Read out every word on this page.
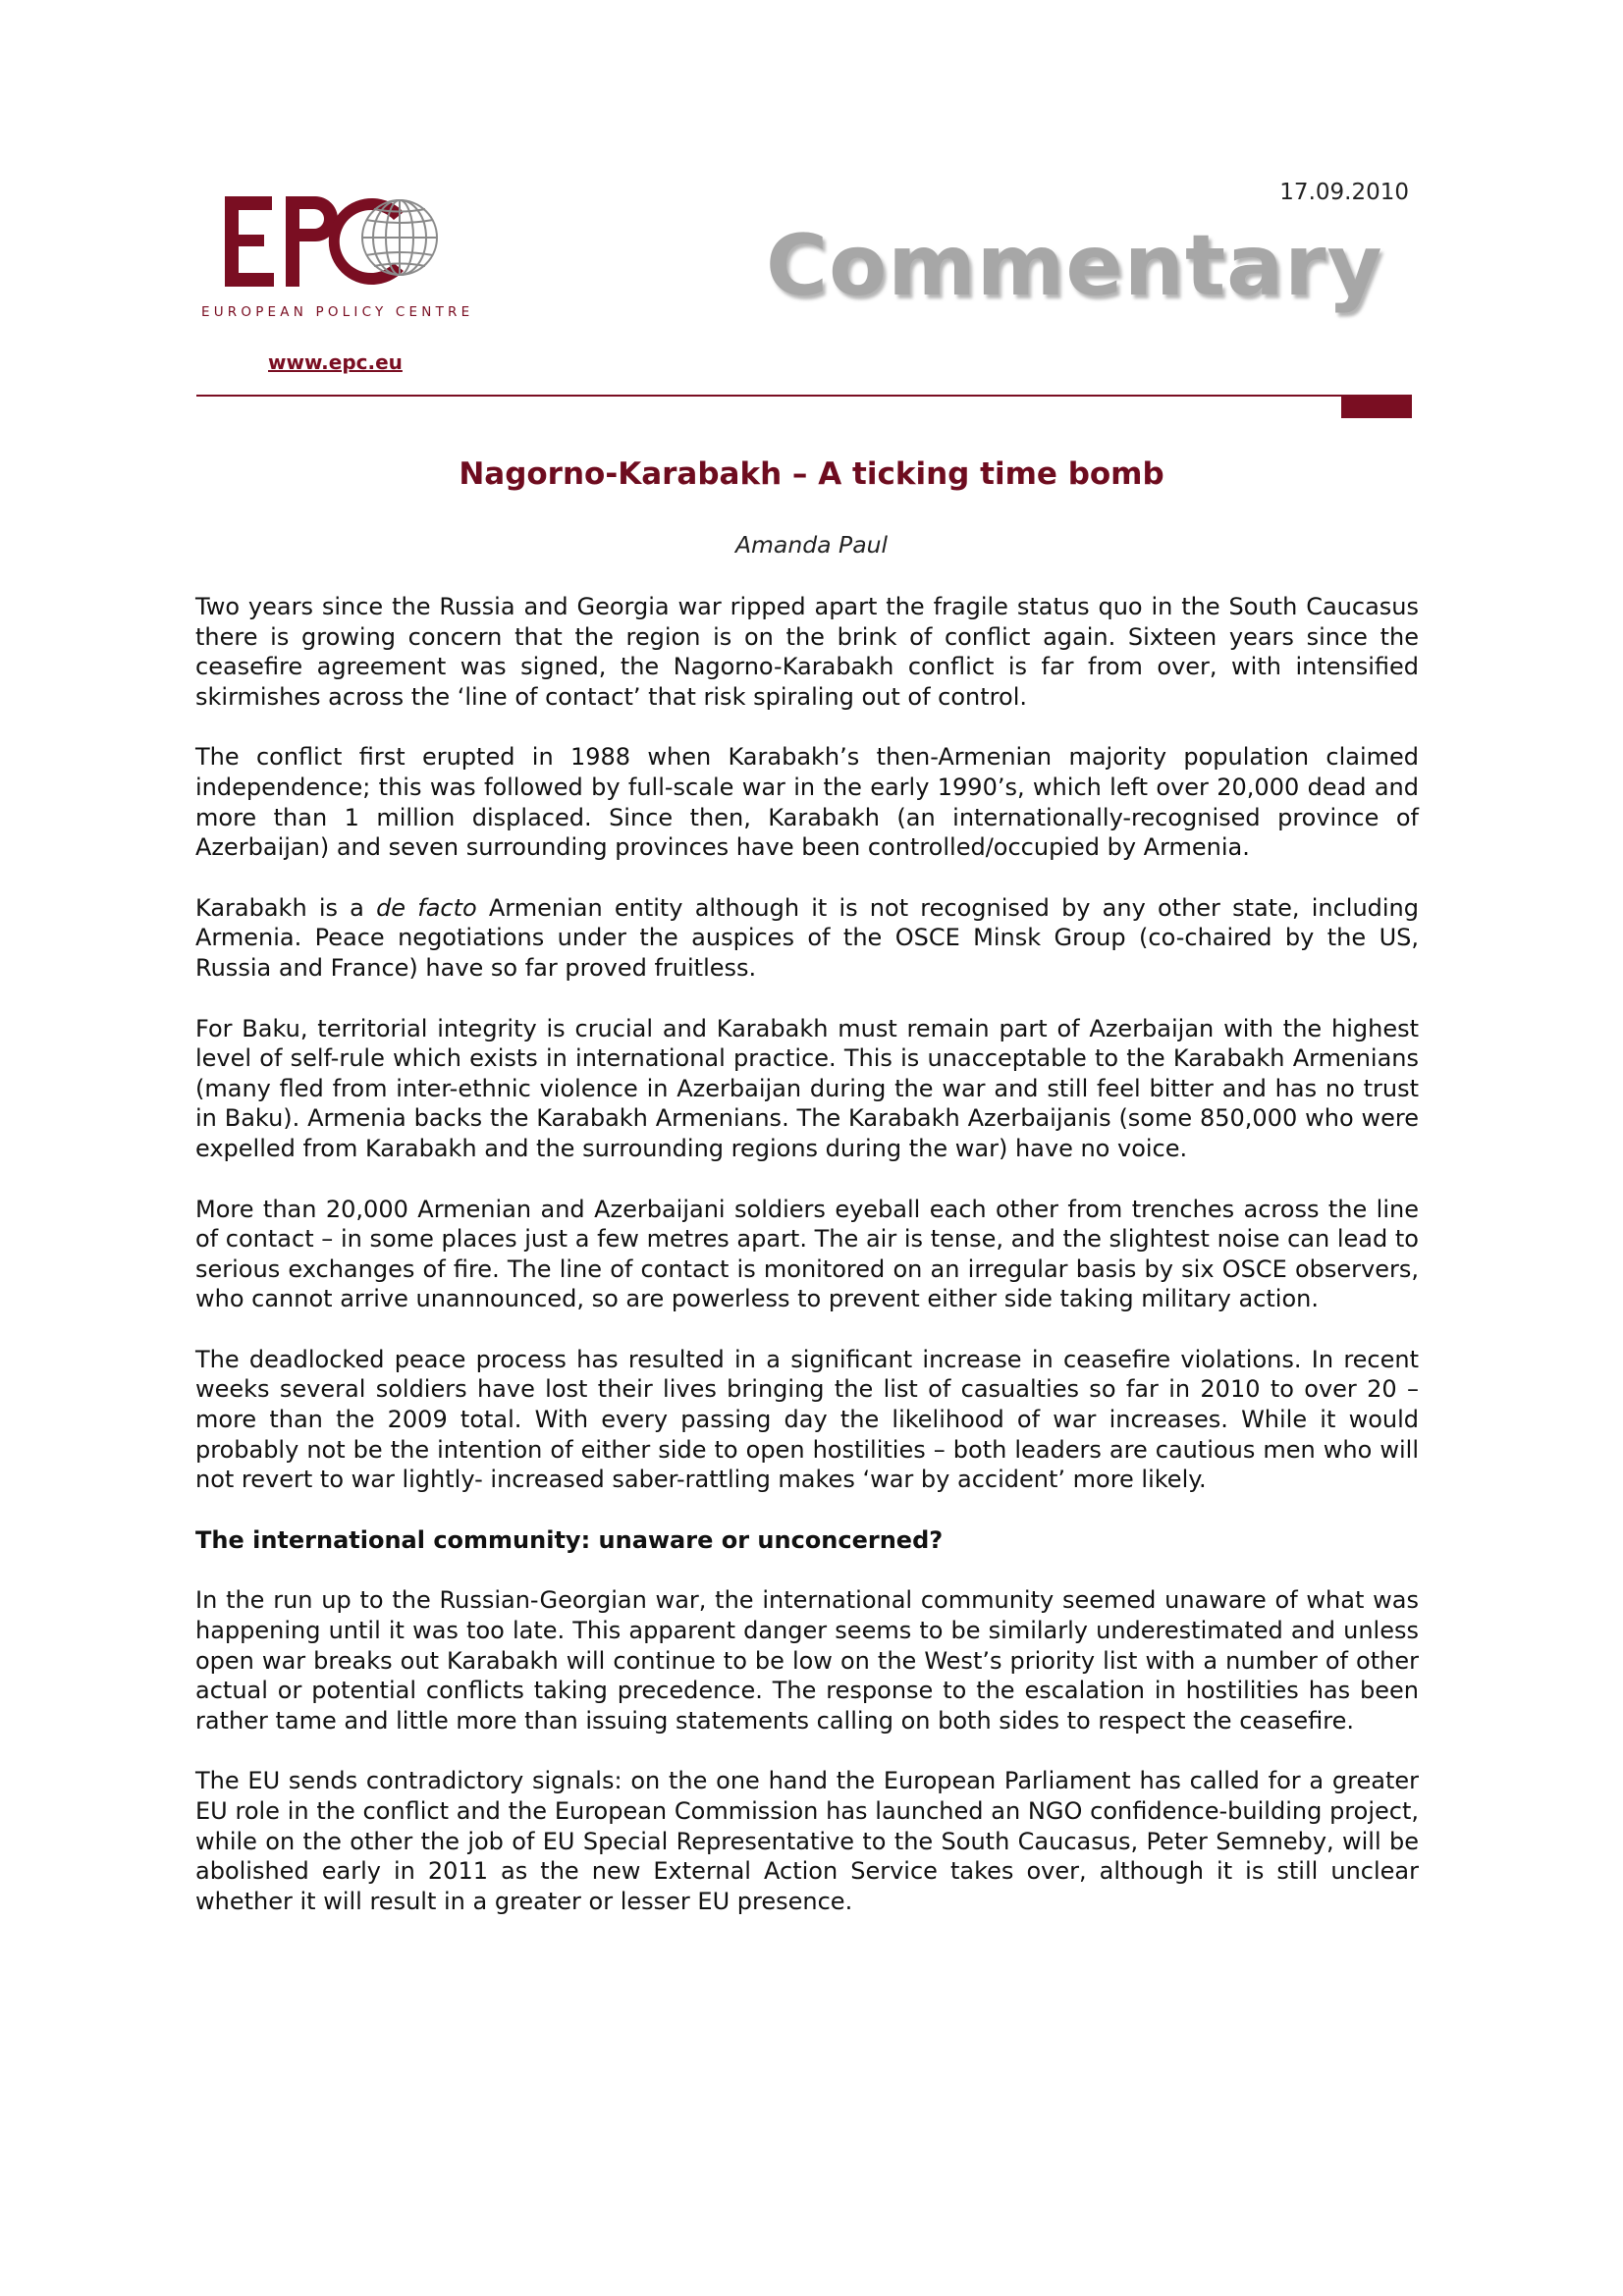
EUROPEAN POLICY CENTRE
www.epc.eu
17.09.2010
Commentary
Nagorno-Karabakh – A ticking time bomb
Amanda Paul

Two years since the Russia and Georgia war ripped apart the fragile status quo in the South Caucasus there is growing concern that the region is on the brink of conflict again. Sixteen years since the ceasefire agreement was signed, the Nagorno-Karabakh conflict is far from over, with intensified skirmishes across the ‘line of contact’ that risk spiraling out of control.

The conflict first erupted in 1988 when Karabakh’s then-Armenian majority population claimed independence; this was followed by full-scale war in the early 1990’s, which left over 20,000 dead and more than 1 million displaced. Since then, Karabakh (an internationally-recognised province of Azerbaijan) and seven surrounding provinces have been controlled/occupied by Armenia.

Karabakh is a de facto Armenian entity although it is not recognised by any other state, including Armenia. Peace negotiations under the auspices of the OSCE Minsk Group (co-chaired by the US, Russia and France) have so far proved fruitless.

For Baku, territorial integrity is crucial and Karabakh must remain part of Azerbaijan with the highest level of self-rule which exists in international practice. This is unacceptable to the Karabakh Armenians (many fled from inter-ethnic violence in Azerbaijan during the war and still feel bitter and has no trust in Baku). Armenia backs the Karabakh Armenians. The Karabakh Azerbaijanis (some 850,000 who were expelled from Karabakh and the surrounding regions during the war) have no voice.

More than 20,000 Armenian and Azerbaijani soldiers eyeball each other from trenches across the line of contact – in some places just a few metres apart. The air is tense, and the slightest noise can lead to serious exchanges of fire. The line of contact is monitored on an irregular basis by six OSCE observers, who cannot arrive unannounced, so are powerless to prevent either side taking military action.

The deadlocked peace process has resulted in a significant increase in ceasefire violations. In recent weeks several soldiers have lost their lives bringing the list of casualties so far in 2010 to over 20 – more than the 2009 total. With every passing day the likelihood of war increases. While it would probably not be the intention of either side to open hostilities – both leaders are cautious men who will not revert to war lightly- increased saber-rattling makes ‘war by accident’ more likely.

The international community: unaware or unconcerned?

In the run up to the Russian-Georgian war, the international community seemed unaware of what was happening until it was too late. This apparent danger seems to be similarly underestimated and unless open war breaks out Karabakh will continue to be low on the West’s priority list with a number of other actual or potential conflicts taking precedence. The response to the escalation in hostilities has been rather tame and little more than issuing statements calling on both sides to respect the ceasefire.

The EU sends contradictory signals: on the one hand the European Parliament has called for a greater EU role in the conflict and the European Commission has launched an NGO confidence-building project, while on the other the job of EU Special Representative to the South Caucasus, Peter Semneby, will be abolished early in 2011 as the new External Action Service takes over, although it is still unclear whether it will result in a greater or lesser EU presence.
